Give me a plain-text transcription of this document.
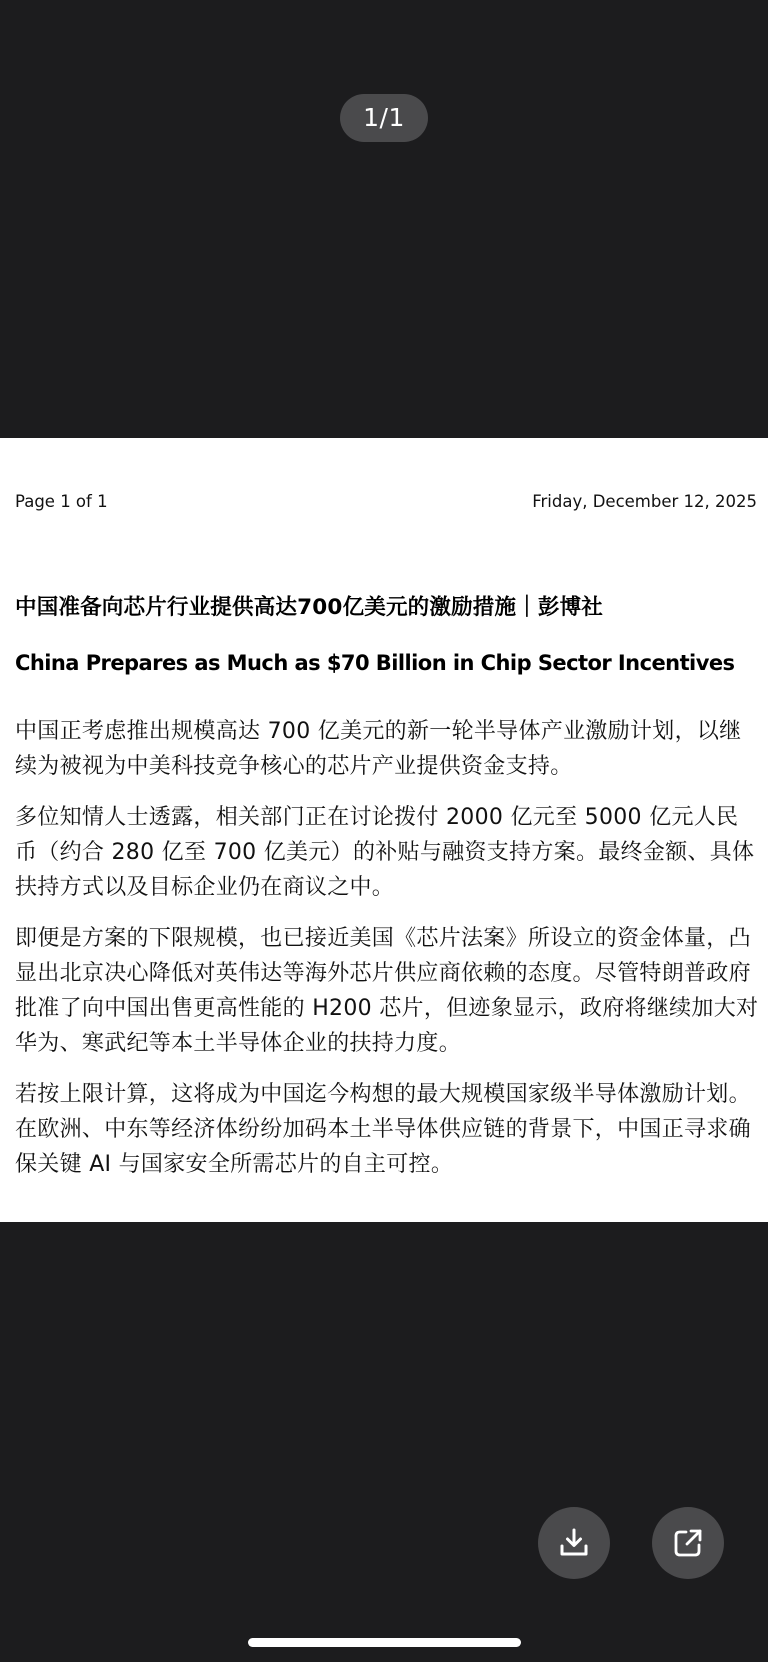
1/1
Page 1 of 1	Friday, December 12, 2025
中国准备向芯片行业提供高达700亿美元的激励措施｜彭博社
China Prepares as Much as $70 Billion in Chip Sector Incentives

中国正考虑推出规模高达 700 亿美元的新一轮半导体产业激励计划，以继续为被视为中美科技竞争核心的芯片产业提供资金支持。

多位知情人士透露，相关部门正在讨论拨付 2000 亿元至 5000 亿元人民币（约合 280 亿至 700 亿美元）的补贴与融资支持方案。最终金额、具体扶持方式以及目标企业仍在商议之中。

即便是方案的下限规模，也已接近美国《芯片法案》所设立的资金体量，凸显出北京决心降低对英伟达等海外芯片供应商依赖的态度。尽管特朗普政府批准了向中国出售更高性能的 H200 芯片，但迹象显示，政府将继续加大对华为、寒武纪等本土半导体企业的扶持力度。

若按上限计算，这将成为中国迄今构想的最大规模国家级半导体激励计划。在欧洲、中东等经济体纷纷加码本土半导体供应链的背景下，中国正寻求确保关键 AI 与国家安全所需芯片的自主可控。
